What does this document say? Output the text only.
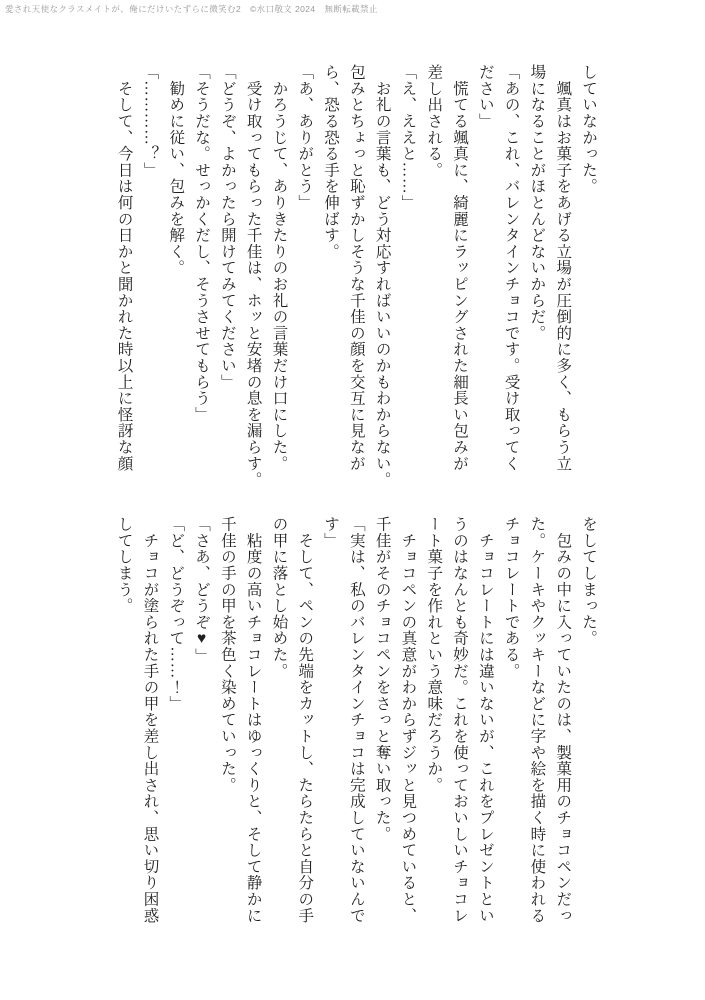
愛され天使なクラスメイトが、俺にだけいたずらに微笑む2　©水口敬文 2024　無断転載禁止

していなかった。

　颯真はお菓子をあげる立場が圧倒的に多く、もらう立

場になることがほとんどないからだ。

「あの、これ、バレンタインチョコです。受け取ってく

ださい」

　慌てる颯真に、綺麗にラッピングされた細長い包みが

差し出される。

「え、ええと……」

　お礼の言葉も、どう対応すればいいのかもわからない。

包みとちょっと恥ずかしそうな千佳の顔を交互に見なが

ら、恐る恐る手を伸ばす。

「あ、ありがとう」

　かろうじて、ありきたりのお礼の言葉だけ口にした。

　受け取ってもらった千佳は、ホッと安堵の息を漏らす。

「どうぞ、よかったら開けてみてください」

「そうだな。せっかくだし、そうさせてもらう」

　勧めに従い、包みを解く。

「…………？」

　そして、今日は何の日かと聞かれた時以上に怪訝な顔

をしてしまった。

　包みの中に入っていたのは、製菓用のチョコペンだっ

た。ケーキやクッキーなどに字や絵を描く時に使われる

チョコレートである。

　チョコレートには違いないが、これをプレゼントとい

うのはなんとも奇妙だ。これを使っておいしいチョコレ

ート菓子を作れという意味だろうか。

　チョコペンの真意がわからずジッと見つめていると、

千佳がそのチョコペンをさっと奪い取った。

「実は、私のバレンタインチョコは完成していないんで

す」

　そして、ペンの先端をカットし、たらたらと自分の手

の甲に落とし始めた。

　粘度の高いチョコレートはゆっくりと、そして静かに

千佳の手の甲を茶色く染めていった。

「さあ、どうぞ♥」

「ど、どうぞって……！」

　チョコが塗られた手の甲を差し出され、思い切り困惑

してしまう。
